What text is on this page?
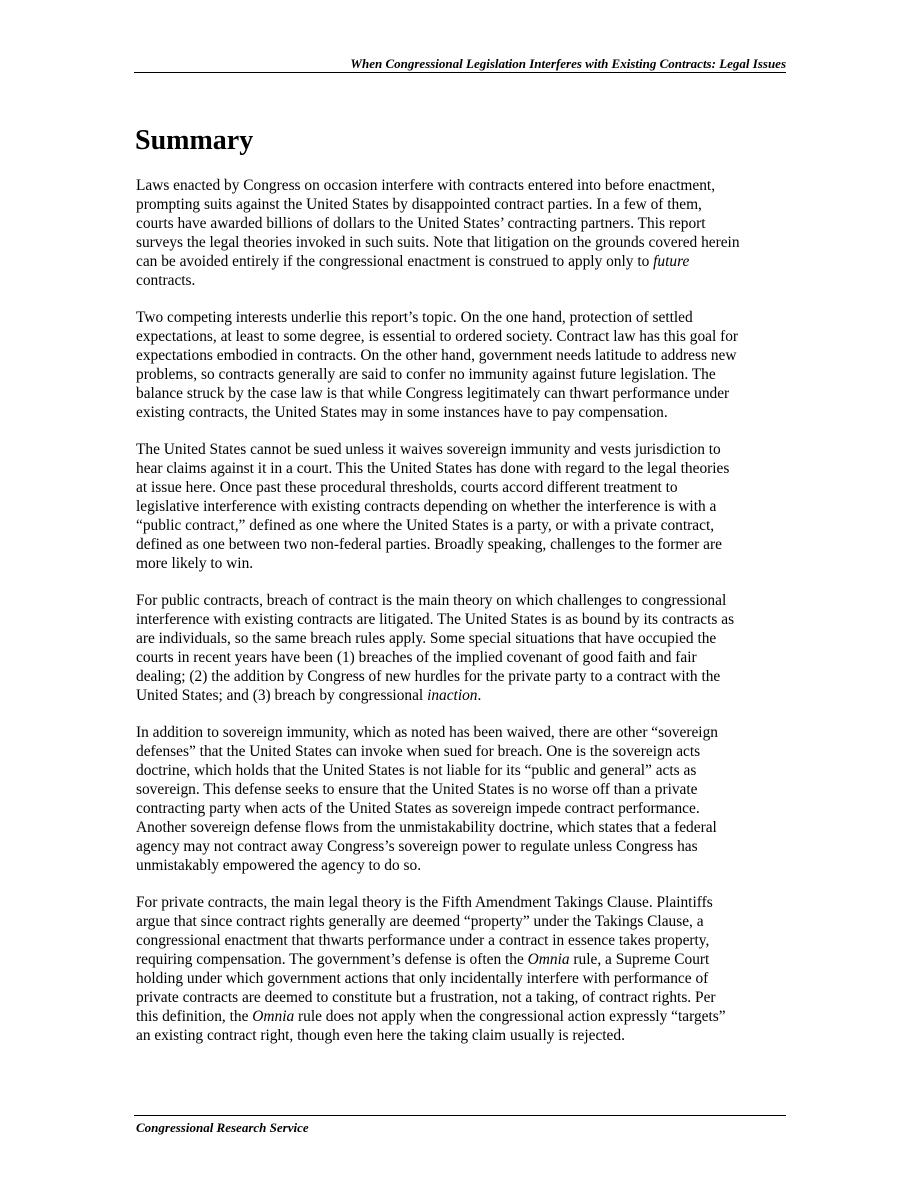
When Congressional Legislation Interferes with Existing Contracts: Legal Issues
Summary

Laws enacted by Congress on occasion interfere with contracts entered into before enactment,
prompting suits against the United States by disappointed contract parties. In a few of them,
courts have awarded billions of dollars to the United States’ contracting partners. This report
surveys the legal theories invoked in such suits. Note that litigation on the grounds covered herein
can be avoided entirely if the congressional enactment is construed to apply only to future
contracts.

Two competing interests underlie this report’s topic. On the one hand, protection of settled
expectations, at least to some degree, is essential to ordered society. Contract law has this goal for
expectations embodied in contracts. On the other hand, government needs latitude to address new
problems, so contracts generally are said to confer no immunity against future legislation. The
balance struck by the case law is that while Congress legitimately can thwart performance under
existing contracts, the United States may in some instances have to pay compensation.

The United States cannot be sued unless it waives sovereign immunity and vests jurisdiction to
hear claims against it in a court. This the United States has done with regard to the legal theories
at issue here. Once past these procedural thresholds, courts accord different treatment to
legislative interference with existing contracts depending on whether the interference is with a
“public contract,” defined as one where the United States is a party, or with a private contract,
defined as one between two non-federal parties. Broadly speaking, challenges to the former are
more likely to win.

For public contracts, breach of contract is the main theory on which challenges to congressional
interference with existing contracts are litigated. The United States is as bound by its contracts as
are individuals, so the same breach rules apply. Some special situations that have occupied the
courts in recent years have been (1) breaches of the implied covenant of good faith and fair
dealing; (2) the addition by Congress of new hurdles for the private party to a contract with the
United States; and (3) breach by congressional inaction.

In addition to sovereign immunity, which as noted has been waived, there are other “sovereign
defenses” that the United States can invoke when sued for breach. One is the sovereign acts
doctrine, which holds that the United States is not liable for its “public and general” acts as
sovereign. This defense seeks to ensure that the United States is no worse off than a private
contracting party when acts of the United States as sovereign impede contract performance.
Another sovereign defense flows from the unmistakability doctrine, which states that a federal
agency may not contract away Congress’s sovereign power to regulate unless Congress has
unmistakably empowered the agency to do so.

For private contracts, the main legal theory is the Fifth Amendment Takings Clause. Plaintiffs
argue that since contract rights generally are deemed “property” under the Takings Clause, a
congressional enactment that thwarts performance under a contract in essence takes property,
requiring compensation. The government’s defense is often the Omnia rule, a Supreme Court
holding under which government actions that only incidentally interfere with performance of
private contracts are deemed to constitute but a frustration, not a taking, of contract rights. Per
this definition, the Omnia rule does not apply when the congressional action expressly “targets”
an existing contract right, though even here the taking claim usually is rejected.

Congressional Research Service
